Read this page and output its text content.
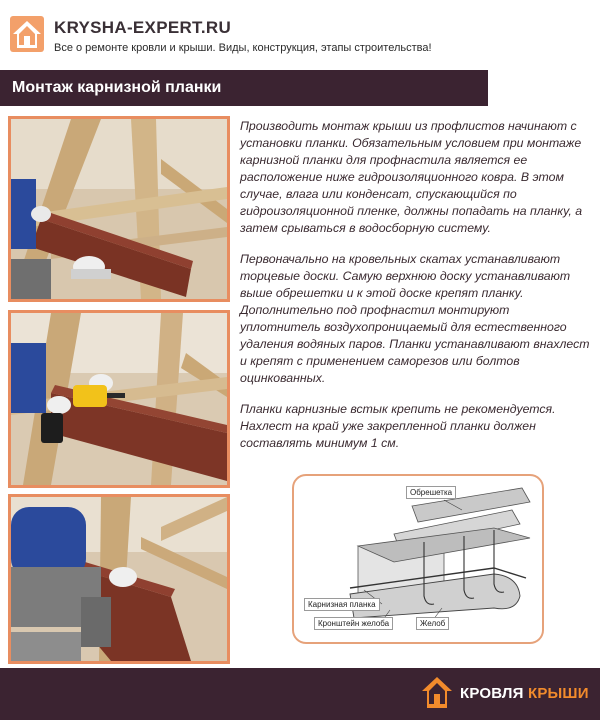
KRYSHA-EXPERT.RU
Все о ремонте кровли и крыши. Виды, конструкция, этапы строительства!
Монтаж карнизной планки

Производить монтаж крыши из профлистов начинают с установки планки. Обязательным условием при монтаже карнизной планки для профнастила является ее расположение ниже гидроизоляционного ковра. В этом случае, влага или конденсат, спускающийся по гидроизоляционной пленке, должны попадать на планку, а затем срываться в водосборную систему.

Первоначально на кровельных скатах устанавливают торцевые доски. Самую верхнюю доску устанавливают выше обрешетки и к этой доске крепят планку. Дополнительно под профнастил монтируют уплотнитель воздухопроницаемый для естественного удаления водяных паров. Планки устанавливают внахлест и крепят с применением саморезов или болтов оцинкованных.

Планки карнизные встык крепить не рекомендуется. Нахлест на край уже закрепленной планки должен составлять минимум 1 см.

Обрешетка
Карнизная планка
Кронштейн желоба	Желоб
КРОВЛЯ КРЫШИ
